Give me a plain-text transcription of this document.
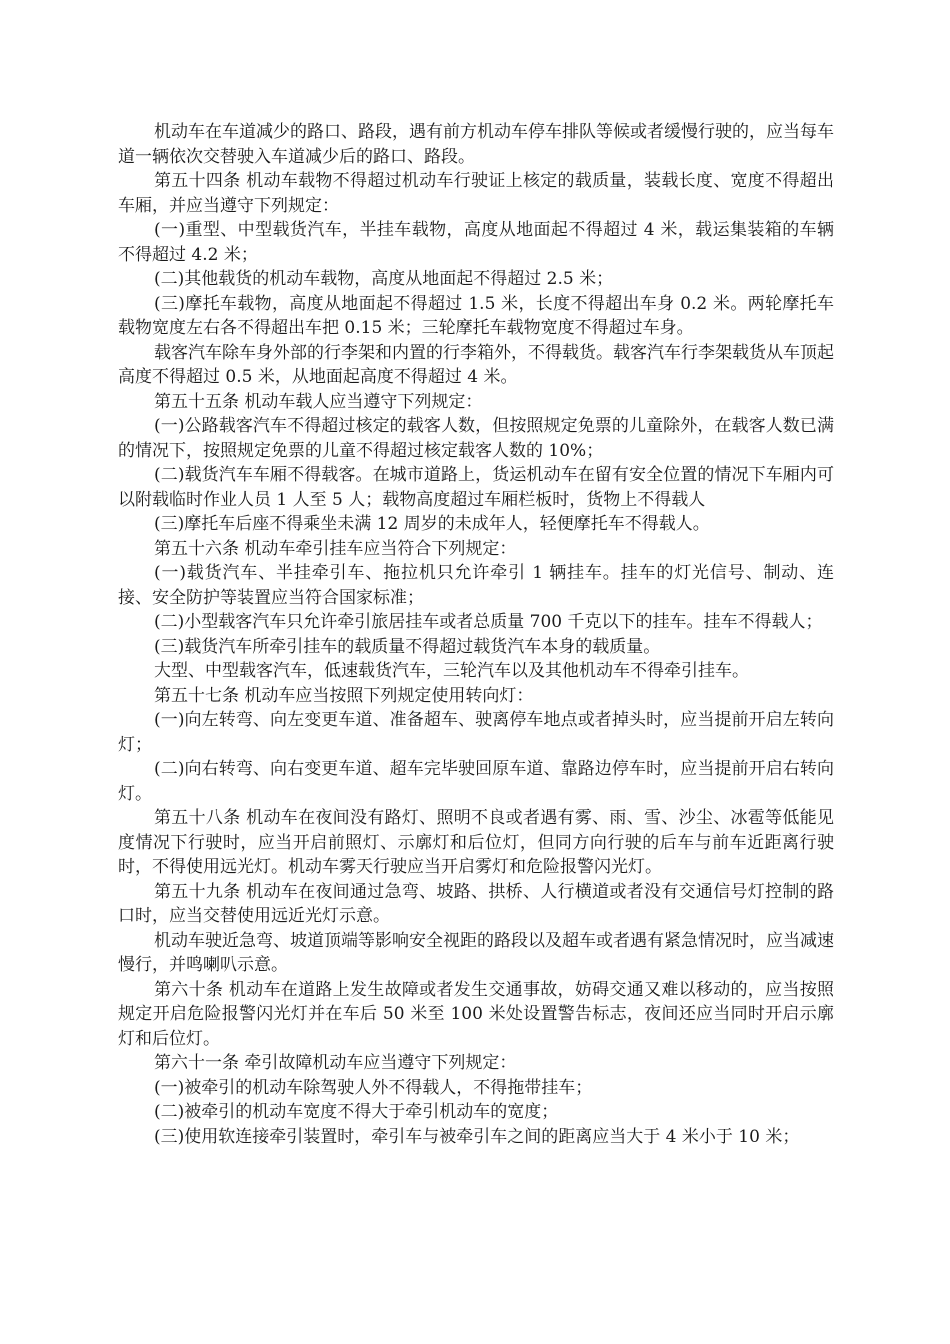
机动车在车道减少的路口、路段，遇有前方机动车停车排队等候或者缓慢行驶的，应当每车道一辆依次交替驶入车道减少后的路口、路段。

第五十四条 机动车载物不得超过机动车行驶证上核定的载质量，装载长度、宽度不得超出车厢，并应当遵守下列规定：

(一)重型、中型载货汽车，半挂车载物，高度从地面起不得超过 4 米，载运集装箱的车辆不得超过 4.2 米；

(二)其他载货的机动车载物，高度从地面起不得超过 2.5 米；

(三)摩托车载物，高度从地面起不得超过 1.5 米，长度不得超出车身 0.2 米。两轮摩托车载物宽度左右各不得超出车把 0.15 米；三轮摩托车载物宽度不得超过车身。

载客汽车除车身外部的行李架和内置的行李箱外，不得载货。载客汽车行李架载货从车顶起高度不得超过 0.5 米，从地面起高度不得超过 4 米。

第五十五条 机动车载人应当遵守下列规定：

(一)公路载客汽车不得超过核定的载客人数，但按照规定免票的儿童除外，在载客人数已满的情况下，按照规定免票的儿童不得超过核定载客人数的 10%；

(二)载货汽车车厢不得载客。在城市道路上，货运机动车在留有安全位置的情况下车厢内可以附载临时作业人员 1 人至 5 人；载物高度超过车厢栏板时，货物上不得载人

(三)摩托车后座不得乘坐未满 12 周岁的未成年人，轻便摩托车不得载人。

第五十六条 机动车牵引挂车应当符合下列规定：

(一)载货汽车、半挂牵引车、拖拉机只允许牵引 1 辆挂车。挂车的灯光信号、制动、连接、安全防护等装置应当符合国家标准；

(二)小型载客汽车只允许牵引旅居挂车或者总质量 700 千克以下的挂车。挂车不得载人；

(三)载货汽车所牵引挂车的载质量不得超过载货汽车本身的载质量。

大型、中型载客汽车，低速载货汽车，三轮汽车以及其他机动车不得牵引挂车。

第五十七条 机动车应当按照下列规定使用转向灯：

(一)向左转弯、向左变更车道、准备超车、驶离停车地点或者掉头时，应当提前开启左转向灯；

(二)向右转弯、向右变更车道、超车完毕驶回原车道、靠路边停车时，应当提前开启右转向灯。

第五十八条 机动车在夜间没有路灯、照明不良或者遇有雾、雨、雪、沙尘、冰雹等低能见度情况下行驶时，应当开启前照灯、示廓灯和后位灯，但同方向行驶的后车与前车近距离行驶时，不得使用远光灯。机动车雾天行驶应当开启雾灯和危险报警闪光灯。

第五十九条 机动车在夜间通过急弯、坡路、拱桥、人行横道或者没有交通信号灯控制的路口时，应当交替使用远近光灯示意。

机动车驶近急弯、坡道顶端等影响安全视距的路段以及超车或者遇有紧急情况时，应当减速慢行，并鸣喇叭示意。

第六十条 机动车在道路上发生故障或者发生交通事故，妨碍交通又难以移动的，应当按照规定开启危险报警闪光灯并在车后 50 米至 100 米处设置警告标志，夜间还应当同时开启示廓灯和后位灯。

第六十一条 牵引故障机动车应当遵守下列规定：

(一)被牵引的机动车除驾驶人外不得载人，不得拖带挂车；

(二)被牵引的机动车宽度不得大于牵引机动车的宽度；

(三)使用软连接牵引装置时，牵引车与被牵引车之间的距离应当大于 4 米小于 10 米；
